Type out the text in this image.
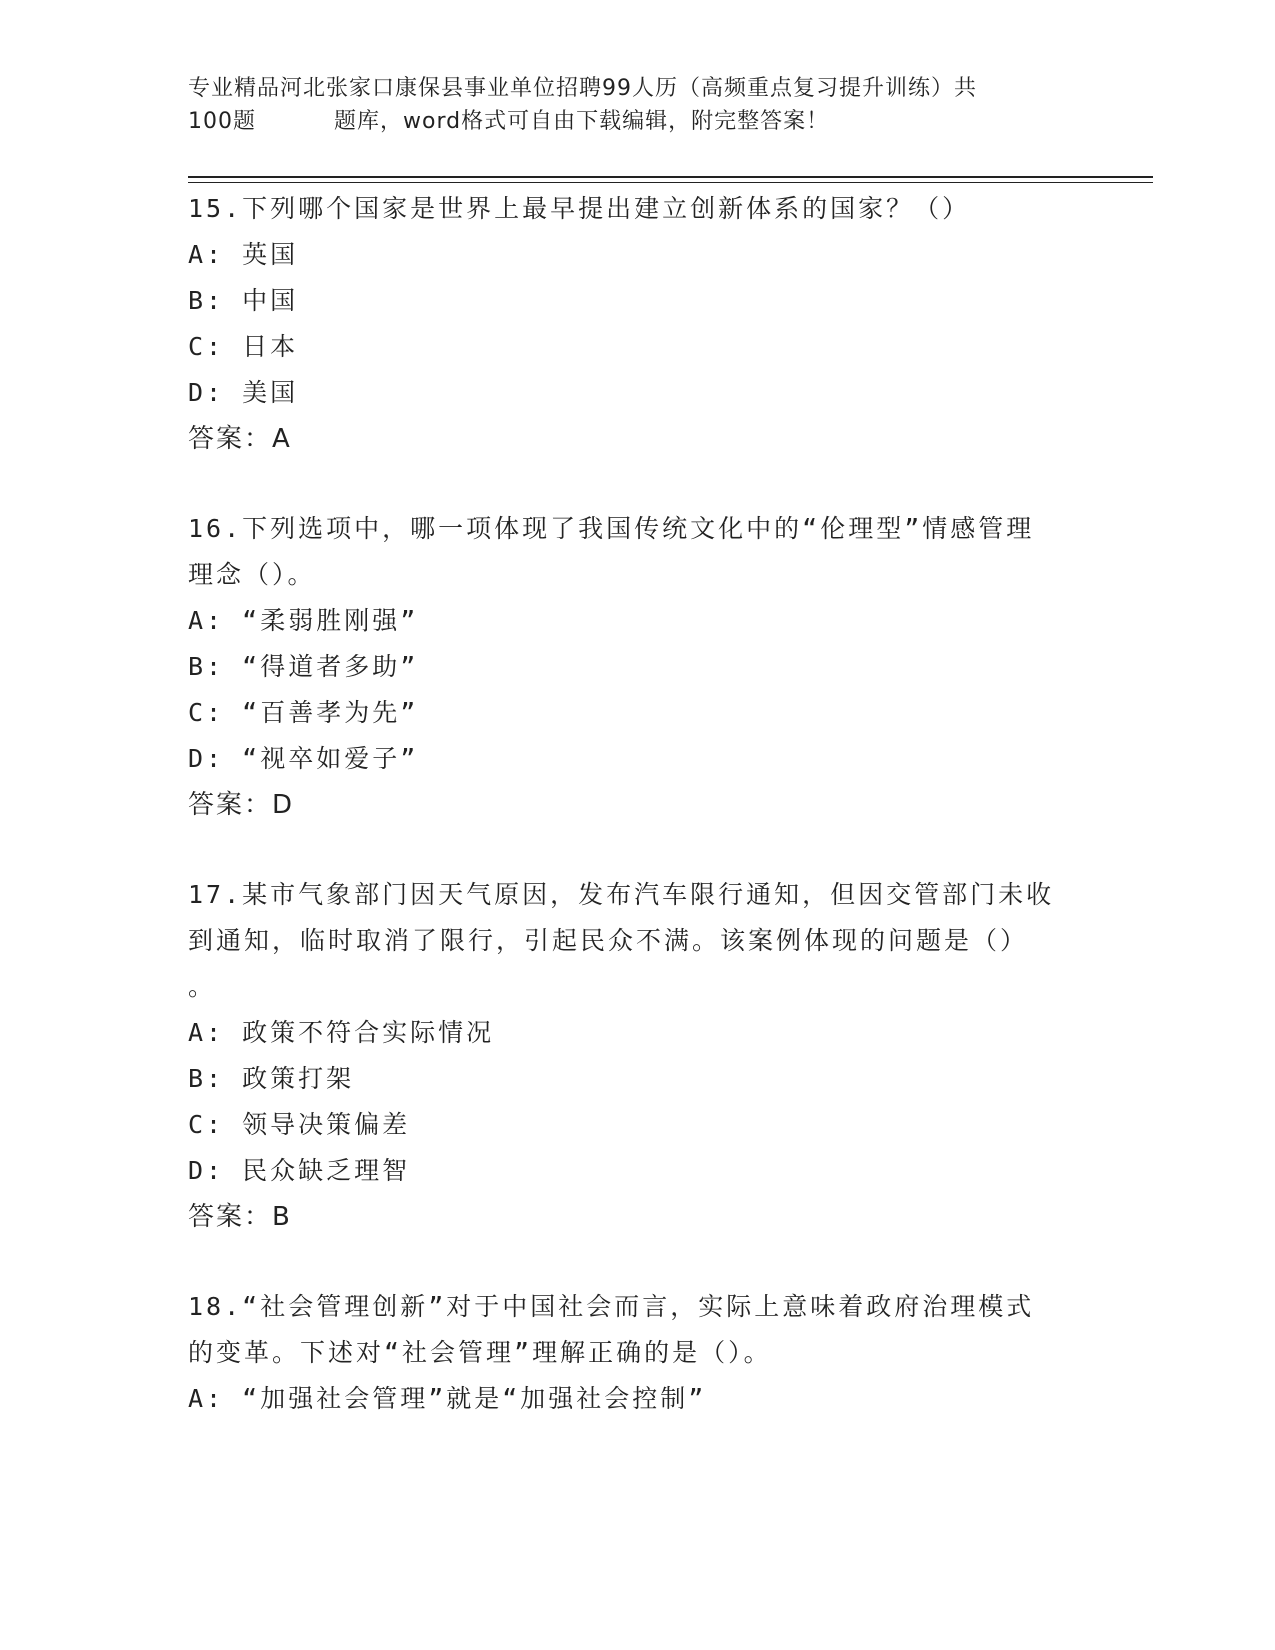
专业精品河北张家口康保县事业单位招聘99人历（高频重点复习提升训练）共
100题	题库，word格式可自由下载编辑，附完整答案！
15.下列哪个国家是世界上最早提出建立创新体系的国家？（）
A: 英国
B: 中国
C: 日本
D: 美国
答案：A
16.下列选项中，哪一项体现了我国传统文化中的“伦理型”情感管理
理念（）。
A: “柔弱胜刚强”
B: “得道者多助”
C: “百善孝为先”
D: “视卒如爱子”
答案：D
17.某市气象部门因天气原因，发布汽车限行通知，但因交管部门未收
到通知，临时取消了限行，引起民众不满。该案例体现的问题是（）
。
A: 政策不符合实际情况
B: 政策打架
C: 领导决策偏差
D: 民众缺乏理智
答案：B
18.“社会管理创新”对于中国社会而言，实际上意味着政府治理模式
的变革。下述对“社会管理”理解正确的是（）。
A: “加强社会管理”就是“加强社会控制”
